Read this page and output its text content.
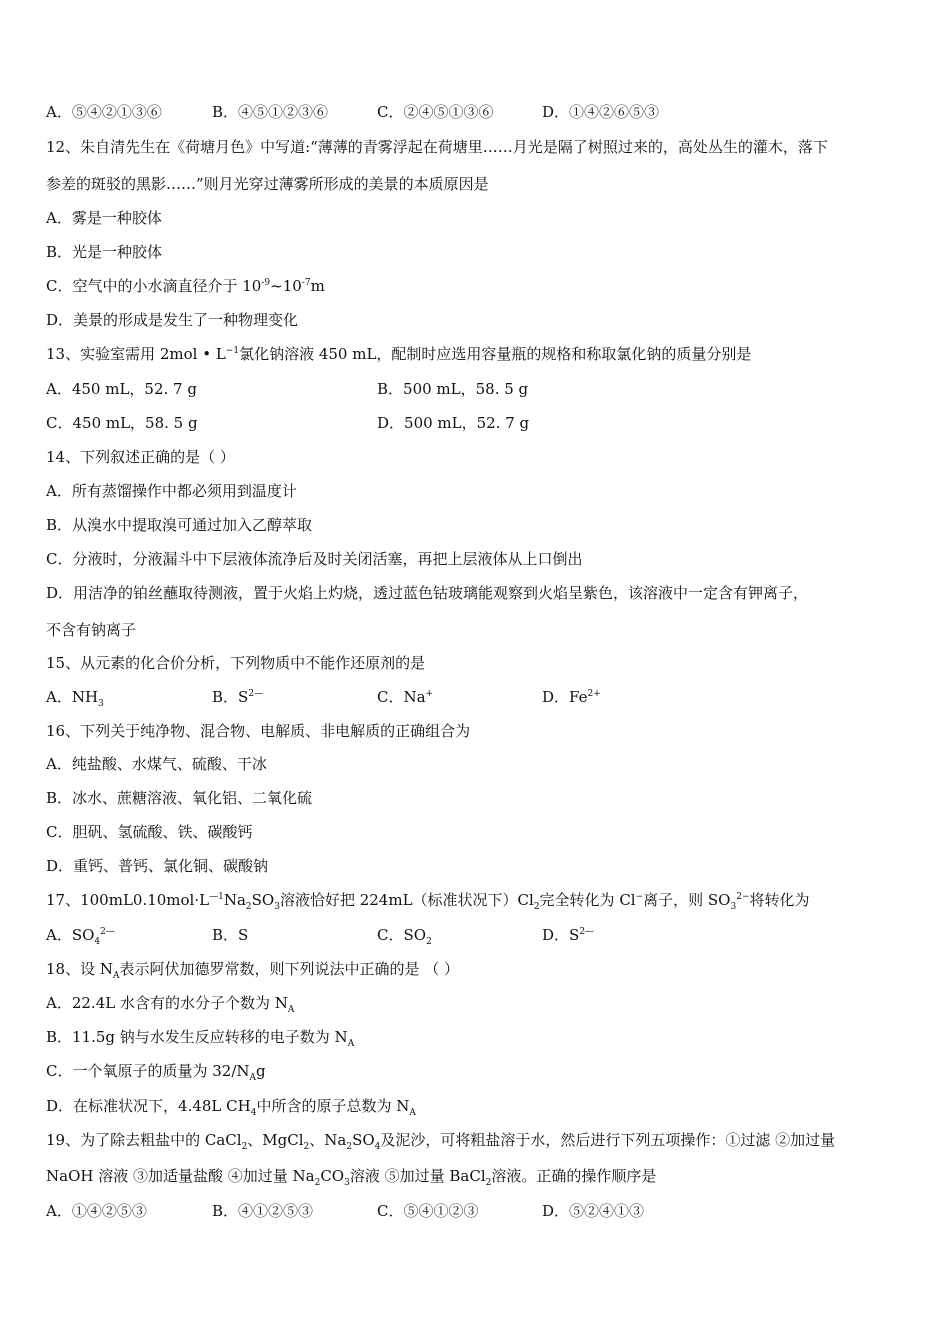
A．⑤④②①③⑥	B．④⑤①②③⑥	C．②④⑤①③⑥	D．①④②⑥⑤③
12、朱自清先生在《荷塘月色》中写道:“薄薄的青雾浮起在荷塘里……月光是隔了树照过来的，高处丛生的灌木，落下
参差的斑驳的黑影……”则月光穿过薄雾所形成的美景的本质原因是
A．雾是一种胶体
B．光是一种胶体
C．空气中的小水滴直径介于 $10^{-9}\sim 10^{-7}m$
D．美景的形成是发生了一种物理变化
13、实验室需用 2mol • $L^{-1}$氯化钠溶液 450 mL，配制时应选用容量瓶的规格和称取氯化钠的质量分别是
A．450 mL，52. 7 g	B．500 mL，58. 5 g
C．450 mL，58. 5 g	D．500 mL，52. 7 g
14、下列叙述正确的是（ ）
A．所有蒸馏操作中都必须用到温度计
B．从溴水中提取溴可通过加入乙醇萃取
C．分液时，分液漏斗中下层液体流净后及时关闭活塞，再把上层液体从上口倒出
D．用洁净的铂丝蘸取待测液，置于火焰上灼烧，透过蓝色钴玻璃能观察到火焰呈紫色，该溶液中一定含有钾离子，
不含有钠离子
15、从元素的化合价分析，下列物质中不能作还原剂的是
A．$NH_3$	B．$S^{2—}$	C．Na+	D．$Fe^{2+}$
16、下列关于纯净物、混合物、电解质、非电解质的正确组合为
A．纯盐酸、水煤气、硫酸、干冰
B．冰水、蔗糖溶液、氧化铝、二氧化硫
C．胆矾、氢硫酸、铁、碳酸钙
D．重钙、普钙、氯化铜、碳酸钠
17、$100mL0.10mol\cdot L^{—1}Na_2SO_3$溶液恰好把 224mL（标准状况下）$Cl_2$完全转化为 Cl−离子，则 $SO_3^{2-}$将转化为
A．$SO_4^{2—}$	B．S	C．$SO_2$	D．$S^{2—}$
18、设 $N_A$表示阿伏加德罗常数，则下列说法中正确的是 （ ）
A．22.4L 水含有的水分子个数为 $N_A$
B．11.5g 钠与水发生反应转移的电子数为 $N_A$
C．一个氧原子的质量为 $32/N_Ag$
D．在标准状况下，4.48L $CH_4$中所含的原子总数为 $N_A$
19、为了除去粗盐中的 CaCl$_2$、MgCl$_2$、$Na_2SO_4$及泥沙，可将粗盐溶于水，然后进行下列五项操作：①过滤 ②加过量
NaOH 溶液 ③加适量盐酸 ④加过量 $Na_2CO_3$溶液 ⑤加过量 BaCl$_2$溶液。正确的操作顺序是
A．①④②⑤③	B．④①②⑤③	C．⑤④①②③	D．⑤②④①③
